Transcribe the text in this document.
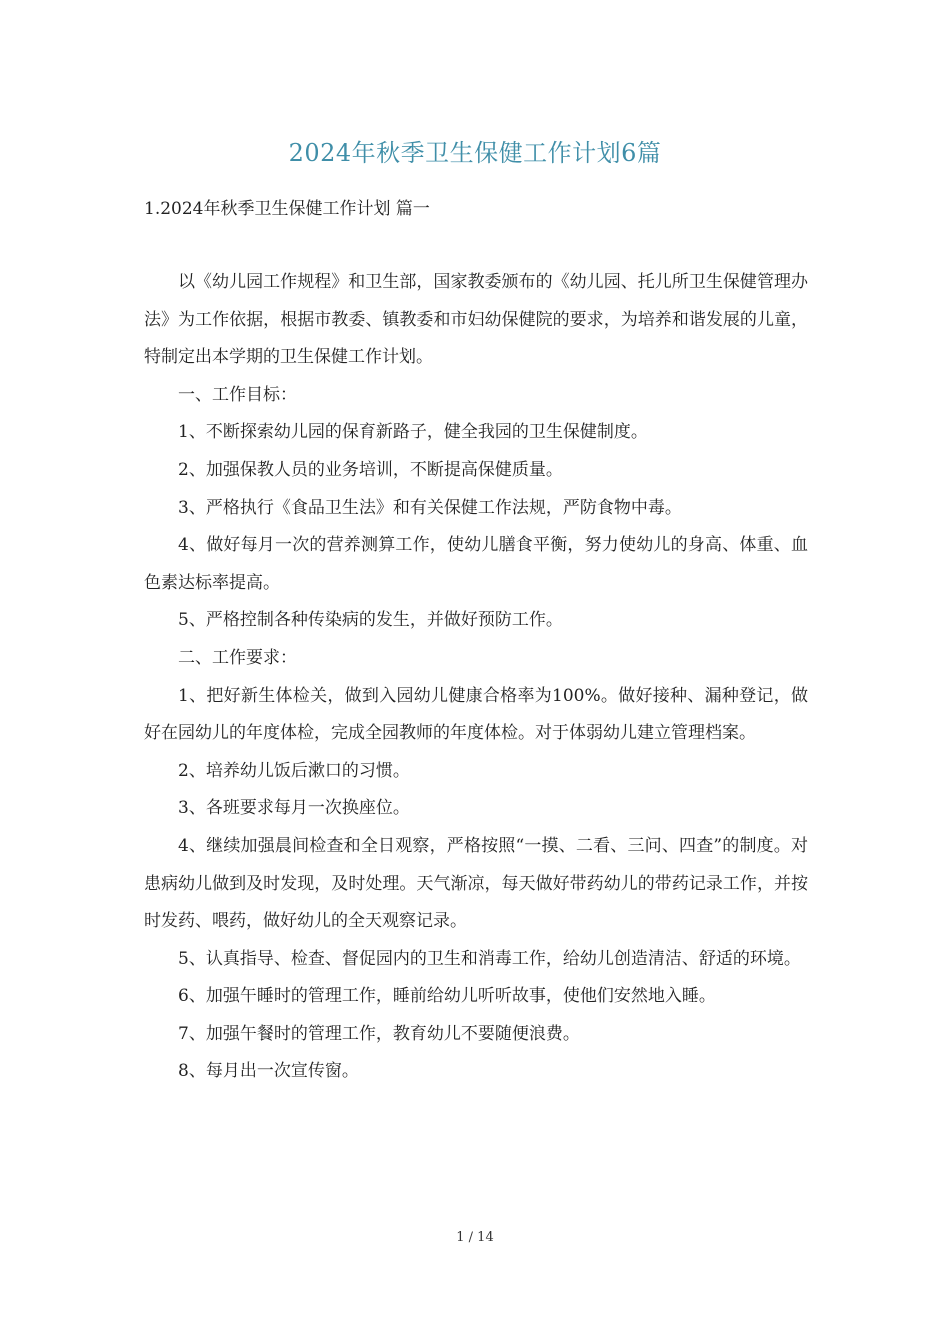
2024年秋季卫生保健工作计划6篇
1.2024年秋季卫生保健工作计划 篇一

以《幼儿园工作规程》和卫生部，国家教委颁布的《幼儿园、托儿所卫生保健管理办法》为工作依据，根据市教委、镇教委和市妇幼保健院的要求，为培养和谐发展的儿童，特制定出本学期的卫生保健工作计划。

一、工作目标：

1、不断探索幼儿园的保育新路子，健全我园的卫生保健制度。

2、加强保教人员的业务培训，不断提高保健质量。

3、严格执行《食品卫生法》和有关保健工作法规，严防食物中毒。

4、做好每月一次的营养测算工作，使幼儿膳食平衡，努力使幼儿的身高、体重、血色素达标率提高。

5、严格控制各种传染病的发生，并做好预防工作。

二、工作要求：

1、把好新生体检关，做到入园幼儿健康合格率为100%。做好接种、漏种登记，做好在园幼儿的年度体检，完成全园教师的年度体检。对于体弱幼儿建立管理档案。

2、培养幼儿饭后漱口的习惯。

3、各班要求每月一次换座位。

4、继续加强晨间检查和全日观察，严格按照“一摸、二看、三问、四查”的制度。对患病幼儿做到及时发现，及时处理。天气渐凉，每天做好带药幼儿的带药记录工作，并按时发药、喂药，做好幼儿的全天观察记录。

5、认真指导、检查、督促园内的卫生和消毒工作，给幼儿创造清洁、舒适的环境。

6、加强午睡时的管理工作，睡前给幼儿听听故事，使他们安然地入睡。

7、加强午餐时的管理工作，教育幼儿不要随便浪费。

8、每月出一次宣传窗。

1 / 14
